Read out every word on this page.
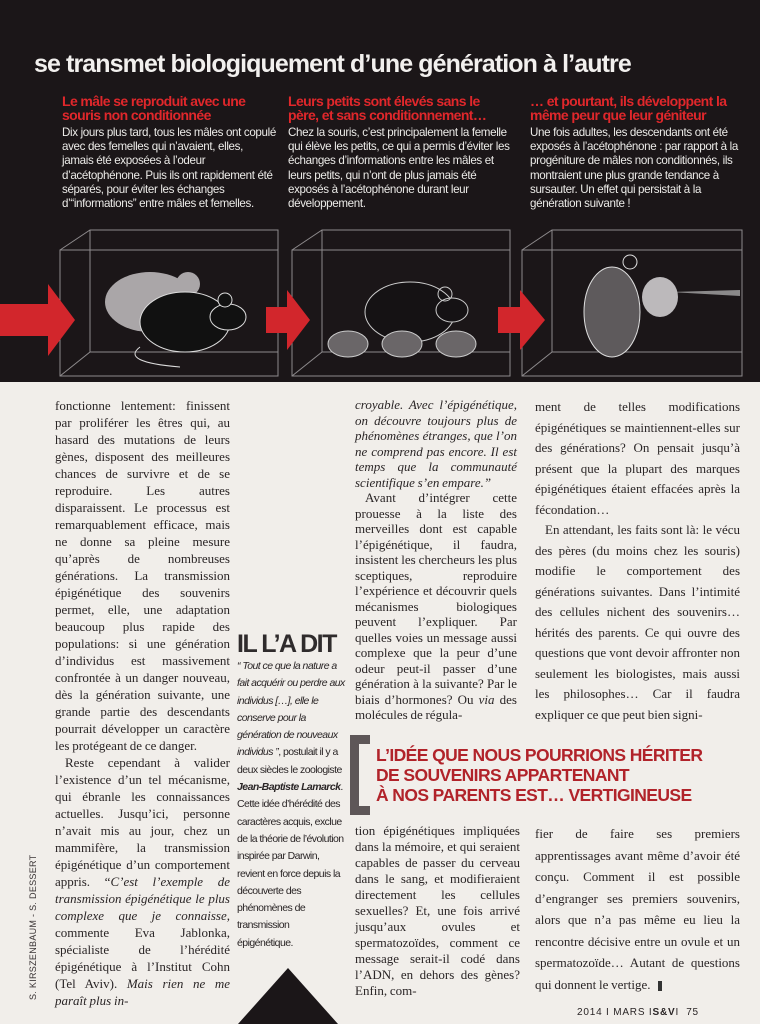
se transmet biologiquement d’une génération à l’autre
Le mâle se reproduit avec une souris non conditionnée

Dix jours plus tard, tous les mâles ont copulé avec des femelles qui n’avaient, elles, jamais été exposées à l’odeur d’acétophénone. Puis ils ont rapidement été séparés, pour éviter les échanges d’“informations” entre mâles et femelles.

Leurs petits sont élevés sans le père, et sans conditionnement…

Chez la souris, c’est principalement la femelle qui élève les petits, ce qui a permis d’éviter les échanges d’informations entre les mâles et leurs petits, qui n’ont de plus jamais été exposés à l’acétophénone durant leur développement.

… et pourtant, ils développent la même peur que leur géniteur

Une fois adultes, les descendants ont été exposés à l’acétophénone : par rapport à la progéniture de mâles non conditionnés, ils montraient une plus grande tendance à sursauter. Un effet qui persistait à la génération suivante !

fonctionne lentement: finissent par proliférer les êtres qui, au hasard des mutations de leurs gènes, disposent des meilleures chances de survivre et de se reproduire. Les autres disparaissent. Le processus est remarquablement efficace, mais ne donne sa pleine mesure qu’après de nombreuses générations. La transmission épigénétique des souvenirs permet, elle, une adaptation beaucoup plus rapide des populations: si une génération d’individus est massivement confrontée à un danger nouveau, dès la génération suivante, une grande partie des descendants pourrait développer un caractère les protégeant de ce danger.

Reste cependant à valider l’existence d’un tel mécanisme, qui ébranle les connaissances actuelles. Jusqu’ici, personne n’avait mis au jour, chez un mammifère, la transmission épigénétique d’un comportement appris. “C’est l’exemple de transmission épigénétique le plus complexe que je connaisse, commente Eva Jablonka, spécialiste de l’hérédité épigénétique à l’Institut Cohn (Tel Aviv). Mais rien ne me paraît plus in-

croyable. Avec l’épigénétique, on découvre toujours plus de phénomènes étranges, que l’on ne comprend pas encore. Il est temps que la communauté scientifique s’en empare.”

Avant d’intégrer cette prouesse à la liste des merveilles dont est capable l’épigénétique, il faudra, insistent les chercheurs les plus sceptiques, reproduire l’expérience et découvrir quels mécanismes biologiques peuvent l’expliquer. Par quelles voies un message aussi complexe que la peur d’une odeur peut-il passer d’une génération à la suivante? Par le biais d’hormones? Ou via des molécules de régula-

ment de telles modifications épigénétiques se maintiennent-elles sur des générations? On pensait jusqu’à présent que la plupart des marques épigénétiques étaient effacées après la fécondation…

En attendant, les faits sont là: le vécu des pères (du moins chez les souris) modifie le comportement des générations suivantes. Dans l’intimité des cellules nichent des souvenirs… hérités des parents. Ce qui ouvre des questions que vont devoir affronter non seulement les biologistes, mais aussi les philosophes… Car il faudra expliquer ce que peut bien signi-

L’IDÉE QUE NOUS POURRIONS HÉRITER
DE SOUVENIRS APPARTENANT
À NOS PARENTS EST… VERTIGINEUSE

tion épigénétiques impliquées dans la mémoire, et qui seraient capables de passer du cerveau dans le sang, et modifieraient directement les cellules sexuelles? Et, une fois arrivé jusqu’aux ovules et spermatozoïdes, comment ce message serait-il codé dans l’ADN, en dehors des gènes? Enfin, com-

fier de faire ses premiers apprentissages avant même d’avoir été conçu. Comment il est possible d’engranger ses premiers souvenirs, alors que n’a pas même eu lieu la rencontre décisive entre un ovule et un spermatozoïde… Autant de questions qui donnent le vertige.

IL L’A DIT

“ Tout ce que la nature a fait acquérir ou perdre aux individus […], elle le conserve pour la génération de nouveaux individus ”, postulait il y a deux siècles le zoologiste Jean-Baptiste Lamarck. Cette idée d’hérédité des caractères acquis, exclue de la théorie de l’évolution inspirée par Darwin, revient en force depuis la découverte des phénomènes de transmission épigénétique.

S. KIRSZENBAUM - S. DESSERT
2014 I MARS IS&VI  75
